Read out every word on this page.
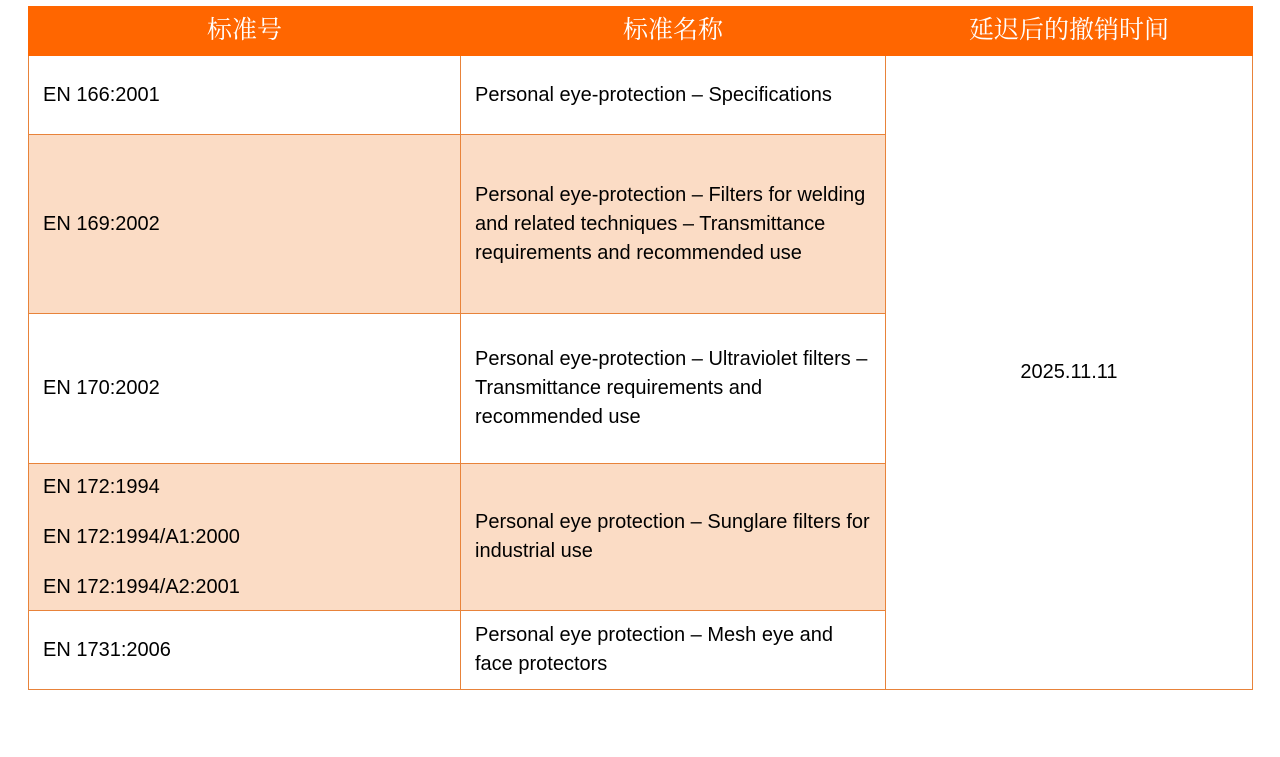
标准号	标准名称	延迟后的撤销时间

EN 166:2001	Personal eye-protection – Specifications	2025.11.11

EN 169:2002	Personal eye-protection – Filters for welding and related techniques – Transmittance requirements and recommended use	

EN 170:2002	Personal eye-protection – Ultraviolet filters – Transmittance requirements and recommended use	

EN 172:1994
EN 172:1994/A1:2000
EN 172:1994/A2:2001	Personal eye protection – Sunglare filters for industrial use	

EN 1731:2006	Personal eye protection – Mesh eye and face protectors	
